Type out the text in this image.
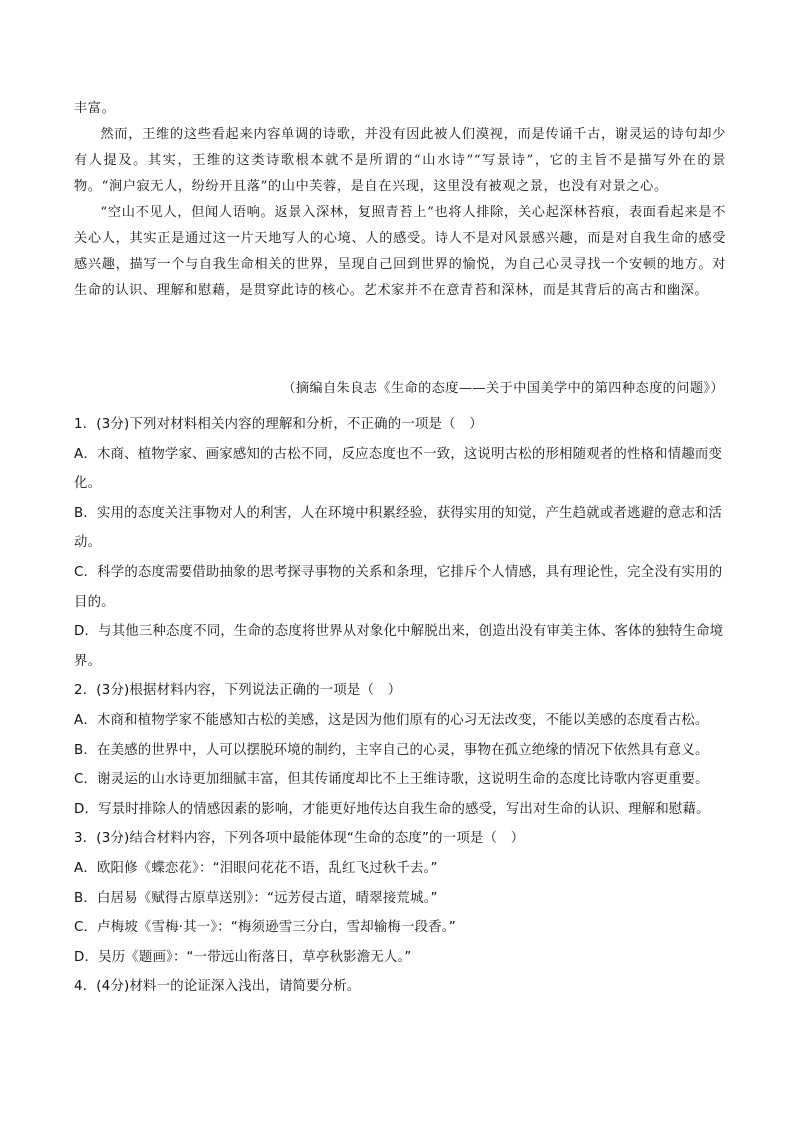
丰富。

然而，王维的这些看起来内容单调的诗歌，并没有因此被人们漠视，而是传诵千古，谢灵运的诗句却少有人提及。其实，王维的这类诗歌根本就不是所谓的“山水诗”“写景诗”，它的主旨不是描写外在的景物。“涧户寂无人，纷纷开且落”的山中芙蓉，是自在兴现，这里没有被观之景，也没有对景之心。

“空山不见人，但闻人语响。返景入深林，复照青苔上”也将人排除，关心起深林苔痕，表面看起来是不关心人，其实正是通过这一片天地写人的心境、人的感受。诗人不是对风景感兴趣，而是对自我生命的感受感兴趣，描写一个与自我生命相关的世界，呈现自己回到世界的愉悦，为自己心灵寻找一个安顿的地方。对生命的认识、理解和慰藉，是贯穿此诗的核心。艺术家并不在意青苔和深林，而是其背后的高古和幽深。

（摘编自朱良志《生命的态度——关于中国美学中的第四种态度的问题》）
1．(3分)下列对材料相关内容的理解和分析，不正确的一项是（　）
A．木商、植物学家、画家感知的古松不同，反应态度也不一致，这说明古松的形相随观者的性格和情趣而变化。
B．实用的态度关注事物对人的利害，人在环境中积累经验，获得实用的知觉，产生趋就或者逃避的意志和活动。
C．科学的态度需要借助抽象的思考探寻事物的关系和条理，它排斥个人情感，具有理论性，完全没有实用的目的。
D．与其他三种态度不同，生命的态度将世界从对象化中解脱出来，创造出没有审美主体、客体的独特生命境界。
2．(3分)根据材料内容，下列说法正确的一项是（　）
A．木商和植物学家不能感知古松的美感，这是因为他们原有的心习无法改变，不能以美感的态度看古松。
B．在美感的世界中，人可以摆脱环境的制约，主宰自己的心灵，事物在孤立绝缘的情况下依然具有意义。
C．谢灵运的山水诗更加细腻丰富，但其传诵度却比不上王维诗歌，这说明生命的态度比诗歌内容更重要。
D．写景时排除人的情感因素的影响，才能更好地传达自我生命的感受，写出对生命的认识、理解和慰藉。
3．(3分)结合材料内容，下列各项中最能体现“生命的态度”的一项是（　）
A．欧阳修《蝶恋花》：“泪眼问花花不语，乱红飞过秋千去。”
B．白居易《赋得古原草送别》：“远芳侵古道，晴翠接荒城。”
C．卢梅坡《雪梅·其一》：“梅须逊雪三分白，雪却输梅一段香。”
D．吴历《题画》：“一带远山衔落日，草亭秋影澹无人。”
4．(4分)材料一的论证深入浅出，请简要分析。
